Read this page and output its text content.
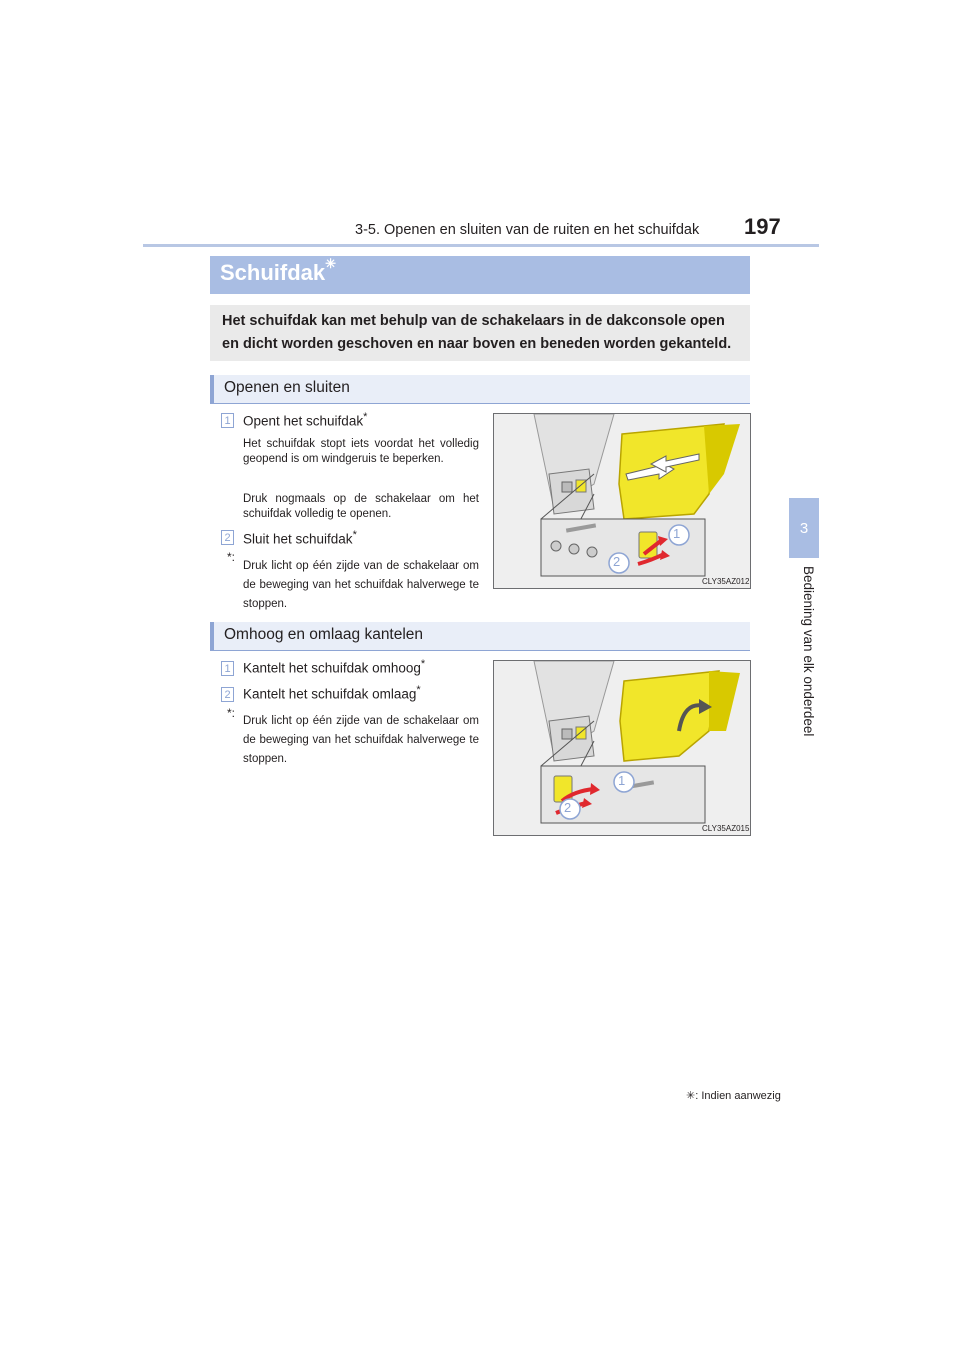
3-5. Openen en sluiten van de ruiten en het schuifdak 197
3
Bediening van elk onderdeel
Schuifdak✳
Het schuifdak kan met behulp van de schakelaars in de dakconsole open en dicht worden geschoven en naar boven en beneden worden gekanteld.
Openen en sluiten
1 Opent het schuifdak*
Het schuifdak stopt iets voordat het volledig geopend is om windgeruis te beperken.
Druk nogmaals op de schakelaar om het schuifdak volledig te openen.
2 Sluit het schuifdak*
*:
Druk licht op één zijde van de schakelaar om de beweging van het schuifdak halverwege te stoppen.
1
2
CLY35AZ012
Omhoog en omlaag kantelen
1 Kantelt het schuifdak omhoog*
2 Kantelt het schuifdak omlaag*
*:
Druk licht op één zijde van de schakelaar om de beweging van het schuifdak halverwege te stoppen.
1
2
CLY35AZ015
✳: Indien aanwezig
